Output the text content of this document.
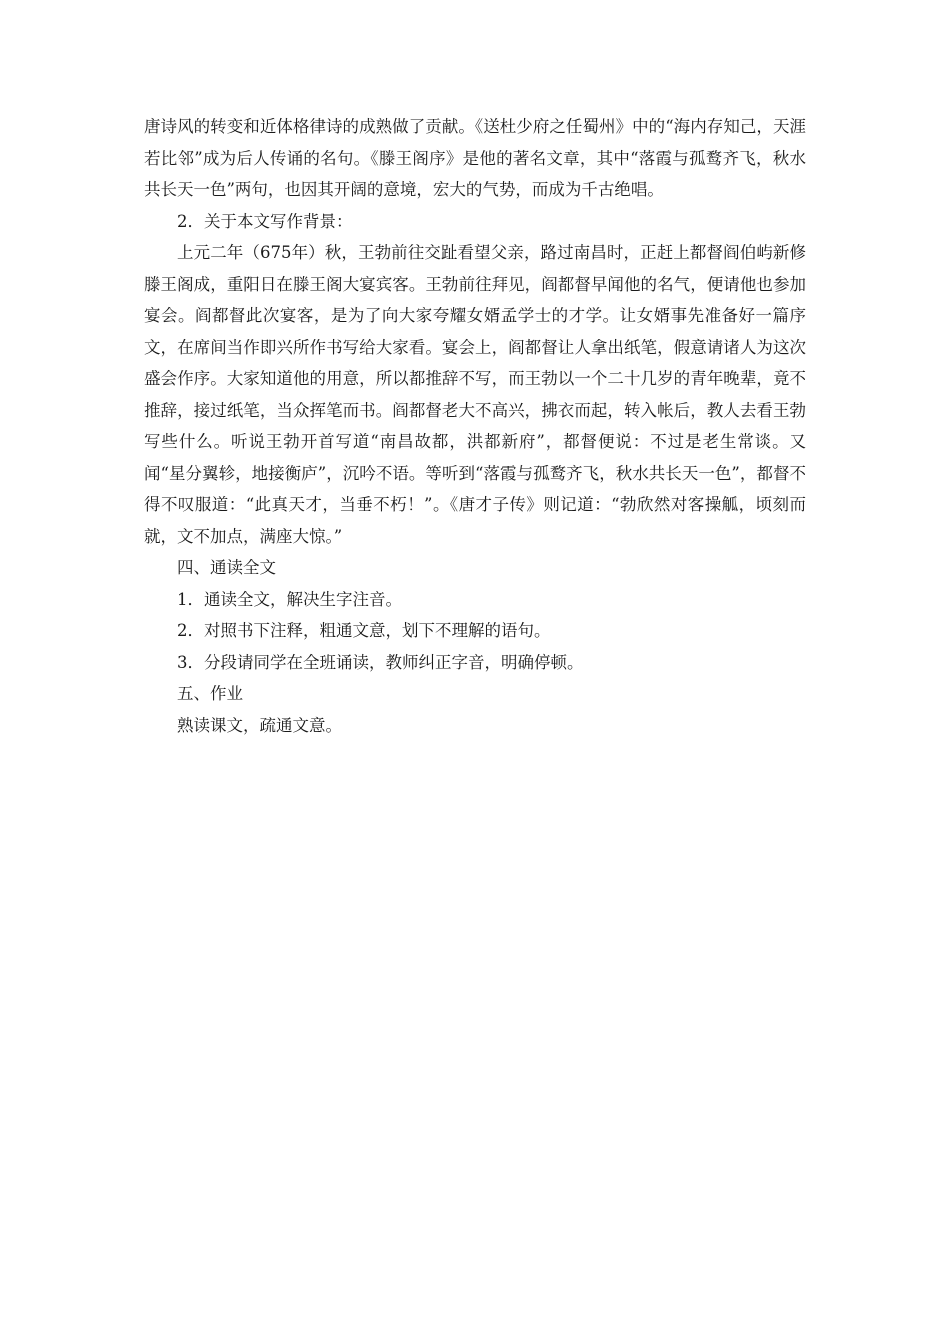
唐诗风的转变和近体格律诗的成熟做了贡献。《送杜少府之任蜀州》中的“海内存知己，天涯若比邻”成为后人传诵的名句。《滕王阁序》是他的著名文章，其中“落霞与孤鹜齐飞，秋水共长天一色”两句，也因其开阔的意境，宏大的气势，而成为千古绝唱。

2．关于本文写作背景：

上元二年（675年）秋，王勃前往交趾看望父亲，路过南昌时，正赶上都督阎伯屿新修滕王阁成，重阳日在滕王阁大宴宾客。王勃前往拜见，阎都督早闻他的名气，便请他也参加宴会。阎都督此次宴客，是为了向大家夸耀女婿孟学士的才学。让女婿事先准备好一篇序文，在席间当作即兴所作书写给大家看。宴会上，阎都督让人拿出纸笔，假意请诸人为这次盛会作序。大家知道他的用意，所以都推辞不写，而王勃以一个二十几岁的青年晚辈，竟不推辞，接过纸笔，当众挥笔而书。阎都督老大不高兴，拂衣而起，转入帐后，教人去看王勃写些什么。听说王勃开首写道“南昌故都，洪都新府”，都督便说：不过是老生常谈。又闻“星分翼轸，地接衡庐”，沉吟不语。等听到“落霞与孤鹜齐飞，秋水共长天一色”，都督不得不叹服道：“此真天才，当垂不朽！”。《唐才子传》则记道：“勃欣然对客操觚，顷刻而就，文不加点，满座大惊。”

四、通读全文

1．通读全文，解决生字注音。

2．对照书下注释，粗通文意，划下不理解的语句。

3．分段请同学在全班诵读，教师纠正字音，明确停顿。

五、作业

熟读课文，疏通文意。
